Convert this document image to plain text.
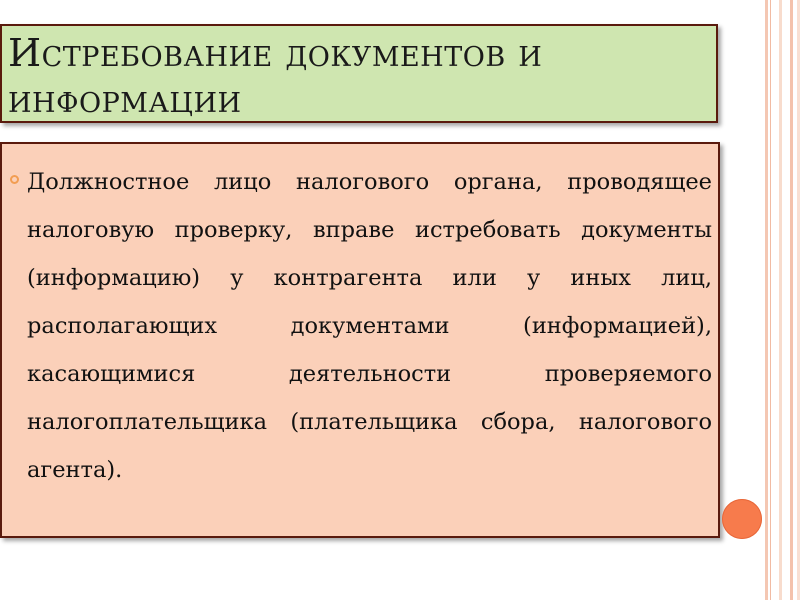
Истребование документов и информации
Должностное лицо налогового органа, проводящее налоговую проверку, вправе истребовать документы (информацию) у контрагента или у иных лиц, располагающих документами (информацией), касающимися деятельности проверяемого налогоплательщика (плательщика сбора, налогового агента).
